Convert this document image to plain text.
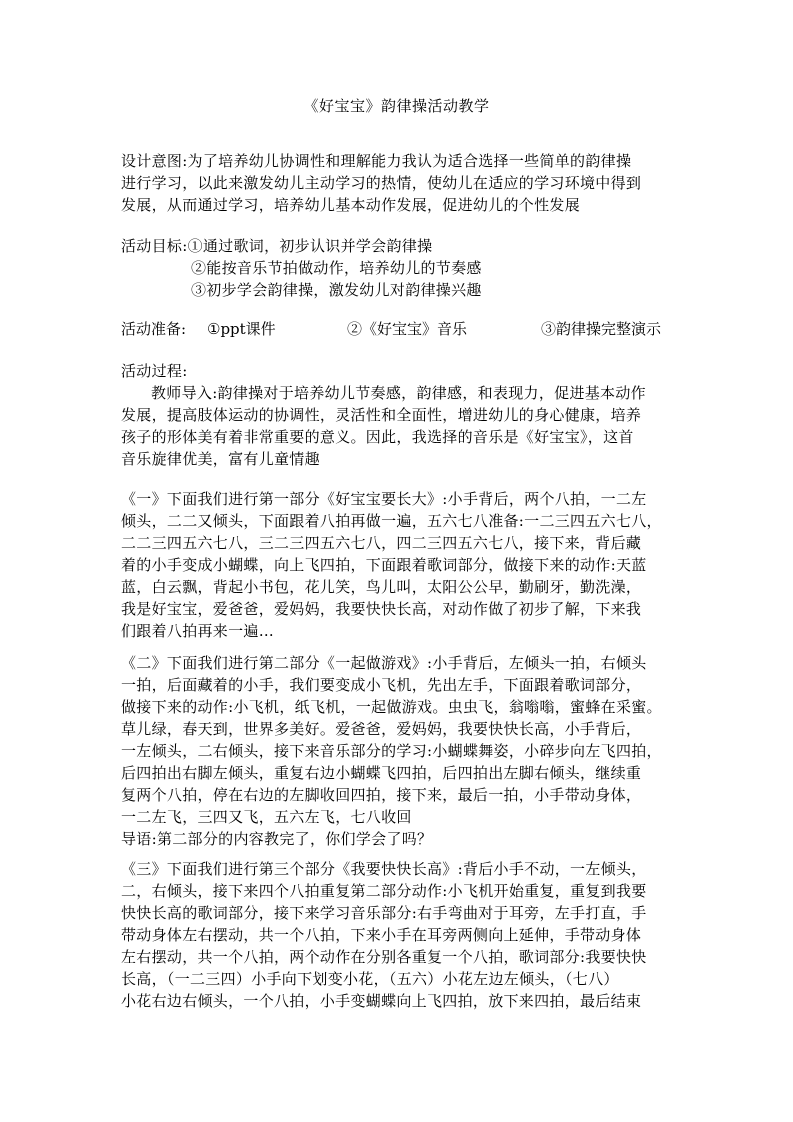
《好宝宝》韵律操活动教学
设计意图:为了培养幼儿协调性和理解能力我认为适合选择一些简单的韵律操
进行学习，以此来激发幼儿主动学习的热情，使幼儿在适应的学习环境中得到
发展，从而通过学习，培养幼儿基本动作发展，促进幼儿的个性发展
活动目标:①通过歌词，初步认识并学会韵律操
②能按音乐节拍做动作，培养幼儿的节奏感
③初步学会韵律操，激发幼儿对韵律操兴趣
活动准备: ①ppt课件	②《好宝宝》音乐	③韵律操完整演示
活动过程:
教师导入:韵律操对于培养幼儿节奏感，韵律感，和表现力，促进基本动作
发展，提高肢体运动的协调性，灵活性和全面性，增进幼儿的身心健康，培养
孩子的形体美有着非常重要的意义。因此，我选择的音乐是《好宝宝》，这首
音乐旋律优美，富有儿童情趣
《一》下面我们进行第一部分《好宝宝要长大》:小手背后，两个八拍，一二左
倾头，二二又倾头，下面跟着八拍再做一遍，五六七八准备:一二三四五六七八，
二二三四五六七八，三二三四五六七八，四二三四五六七八，接下来，背后藏
着的小手变成小蝴蝶，向上飞四拍，下面跟着歌词部分，做接下来的动作:天蓝
蓝，白云飘，背起小书包，花儿笑，鸟儿叫，太阳公公早，勤刷牙，勤洗澡，
我是好宝宝，爱爸爸，爱妈妈，我要快快长高，对动作做了初步了解，下来我
们跟着八拍再来一遍…
《二》下面我们进行第二部分《一起做游戏》:小手背后，左倾头一拍，右倾头
一拍，后面藏着的小手，我们要变成小飞机，先出左手，下面跟着歌词部分，
做接下来的动作:小飞机，纸飞机，一起做游戏。虫虫飞，翁嗡嗡，蜜蜂在采蜜。
草儿绿，春天到，世界多美好。爱爸爸，爱妈妈，我要快快长高，小手背后，
一左倾头，二右倾头，接下来音乐部分的学习:小蝴蝶舞姿，小碎步向左飞四拍，
后四拍出右脚左倾头，重复右边小蝴蝶飞四拍，后四拍出左脚右倾头，继续重
复两个八拍，停在右边的左脚收回四拍，接下来，最后一拍，小手带动身体，
一二左飞，三四又飞，五六左飞，七八收回
导语:第二部分的内容教完了，你们学会了吗？
《三》下面我们进行第三个部分《我要快快长高》:背后小手不动，一左倾头，
二，右倾头，接下来四个八拍重复第二部分动作:小飞机开始重复，重复到我要
快快长高的歌词部分，接下来学习音乐部分:右手弯曲对于耳旁，左手打直，手
带动身体左右摆动，共一个八拍，下来小手在耳旁两侧向上延伸，手带动身体
左右摆动，共一个八拍，两个动作在分别各重复一个八拍，歌词部分:我要快快
长高，（一二三四）小手向下划变小花，（五六）小花左边左倾头，（七八）
小花右边右倾头，一个八拍，小手变蝴蝶向上飞四拍，放下来四拍，最后结束
